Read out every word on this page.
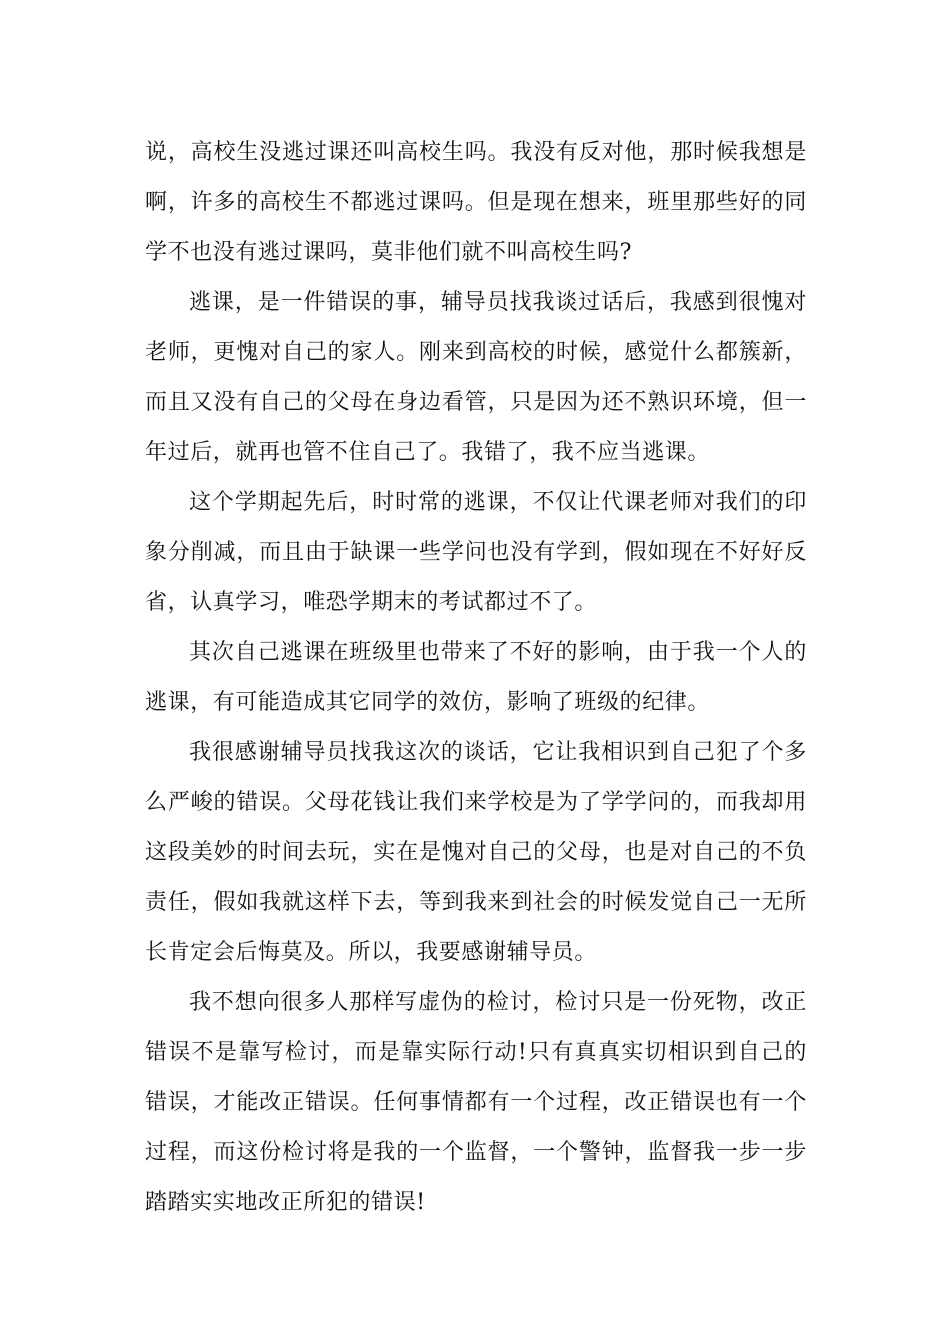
说，高校生没逃过课还叫高校生吗。我没有反对他，那时候我想是啊，许多的高校生不都逃过课吗。但是现在想来，班里那些好的同学不也没有逃过课吗，莫非他们就不叫高校生吗?

逃课，是一件错误的事，辅导员找我谈过话后，我感到很愧对老师，更愧对自己的家人。刚来到高校的时候，感觉什么都簇新，而且又没有自己的父母在身边看管，只是因为还不熟识环境，但一年过后，就再也管不住自己了。我错了，我不应当逃课。

这个学期起先后，时时常的逃课，不仅让代课老师对我们的印象分削减，而且由于缺课一些学问也没有学到，假如现在不好好反省，认真学习，唯恐学期末的考试都过不了。

其次自己逃课在班级里也带来了不好的影响，由于我一个人的逃课，有可能造成其它同学的效仿，影响了班级的纪律。

我很感谢辅导员找我这次的谈话，它让我相识到自己犯了个多么严峻的错误。父母花钱让我们来学校是为了学学问的，而我却用这段美妙的时间去玩，实在是愧对自己的父母，也是对自己的不负责任，假如我就这样下去，等到我来到社会的时候发觉自己一无所长肯定会后悔莫及。所以，我要感谢辅导员。

我不想向很多人那样写虚伪的检讨，检讨只是一份死物，改正错误不是靠写检讨，而是靠实际行动!只有真真实切相识到自己的错误，才能改正错误。任何事情都有一个过程，改正错误也有一个过程，而这份检讨将是我的一个监督，一个警钟，监督我一步一步踏踏实实地改正所犯的错误!
